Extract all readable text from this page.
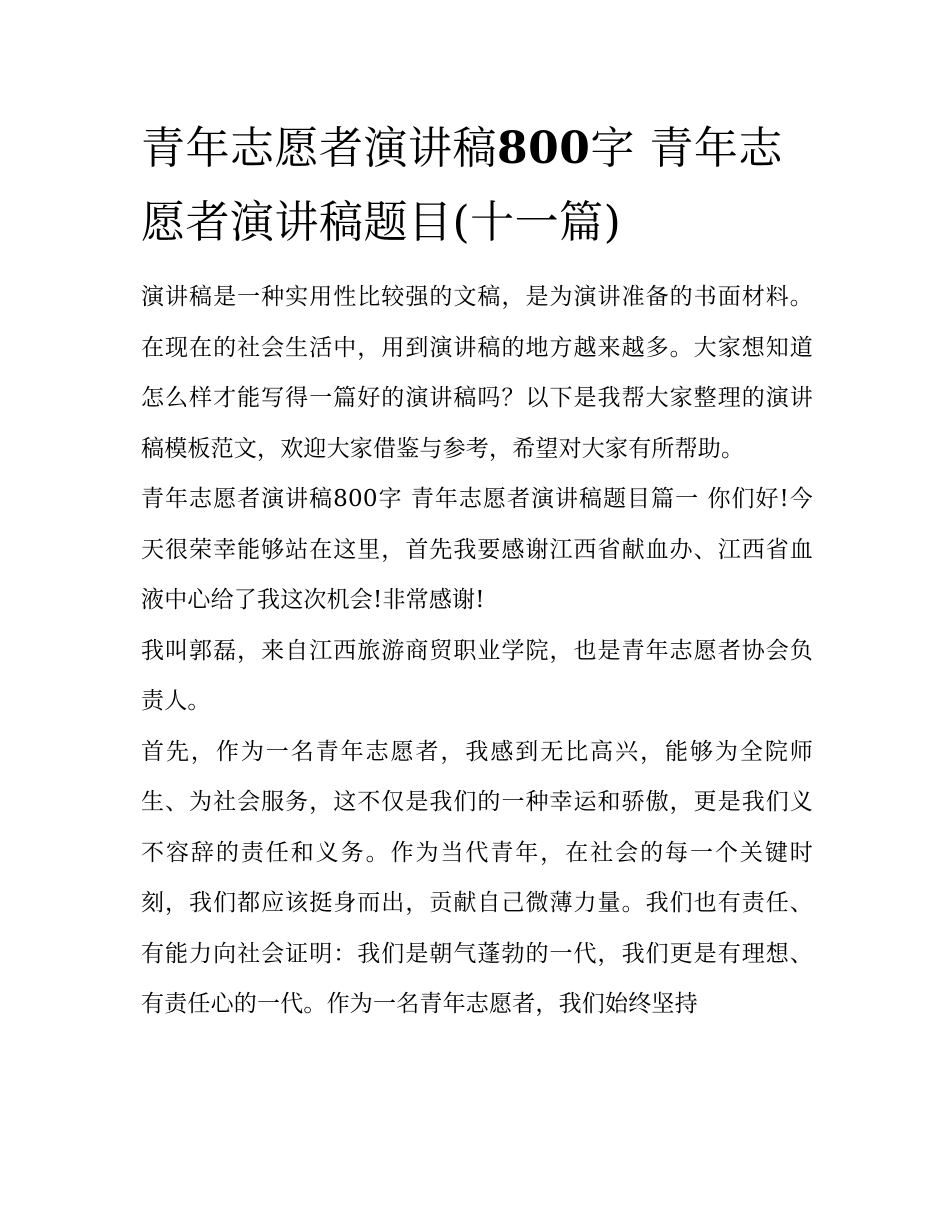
青年志愿者演讲稿800字 青年志愿者演讲稿题目(十一篇)

演讲稿是一种实用性比较强的文稿，是为演讲准备的书面材料。在现在的社会生活中，用到演讲稿的地方越来越多。大家想知道怎么样才能写得一篇好的演讲稿吗？以下是我帮大家整理的演讲稿模板范文，欢迎大家借鉴与参考，希望对大家有所帮助。

青年志愿者演讲稿800字 青年志愿者演讲稿题目篇一 你们好!今天很荣幸能够站在这里，首先我要感谢江西省献血办、江西省血液中心给了我这次机会!非常感谢!

我叫郭磊，来自江西旅游商贸职业学院，也是青年志愿者协会负责人。

首先，作为一名青年志愿者，我感到无比高兴，能够为全院师生、为社会服务，这不仅是我们的一种幸运和骄傲，更是我们义不容辞的责任和义务。作为当代青年，在社会的每一个关键时刻，我们都应该挺身而出，贡献自己微薄力量。我们也有责任、有能力向社会证明：我们是朝气蓬勃的一代，我们更是有理想、有责任心的一代。作为一名青年志愿者，我们始终坚持
